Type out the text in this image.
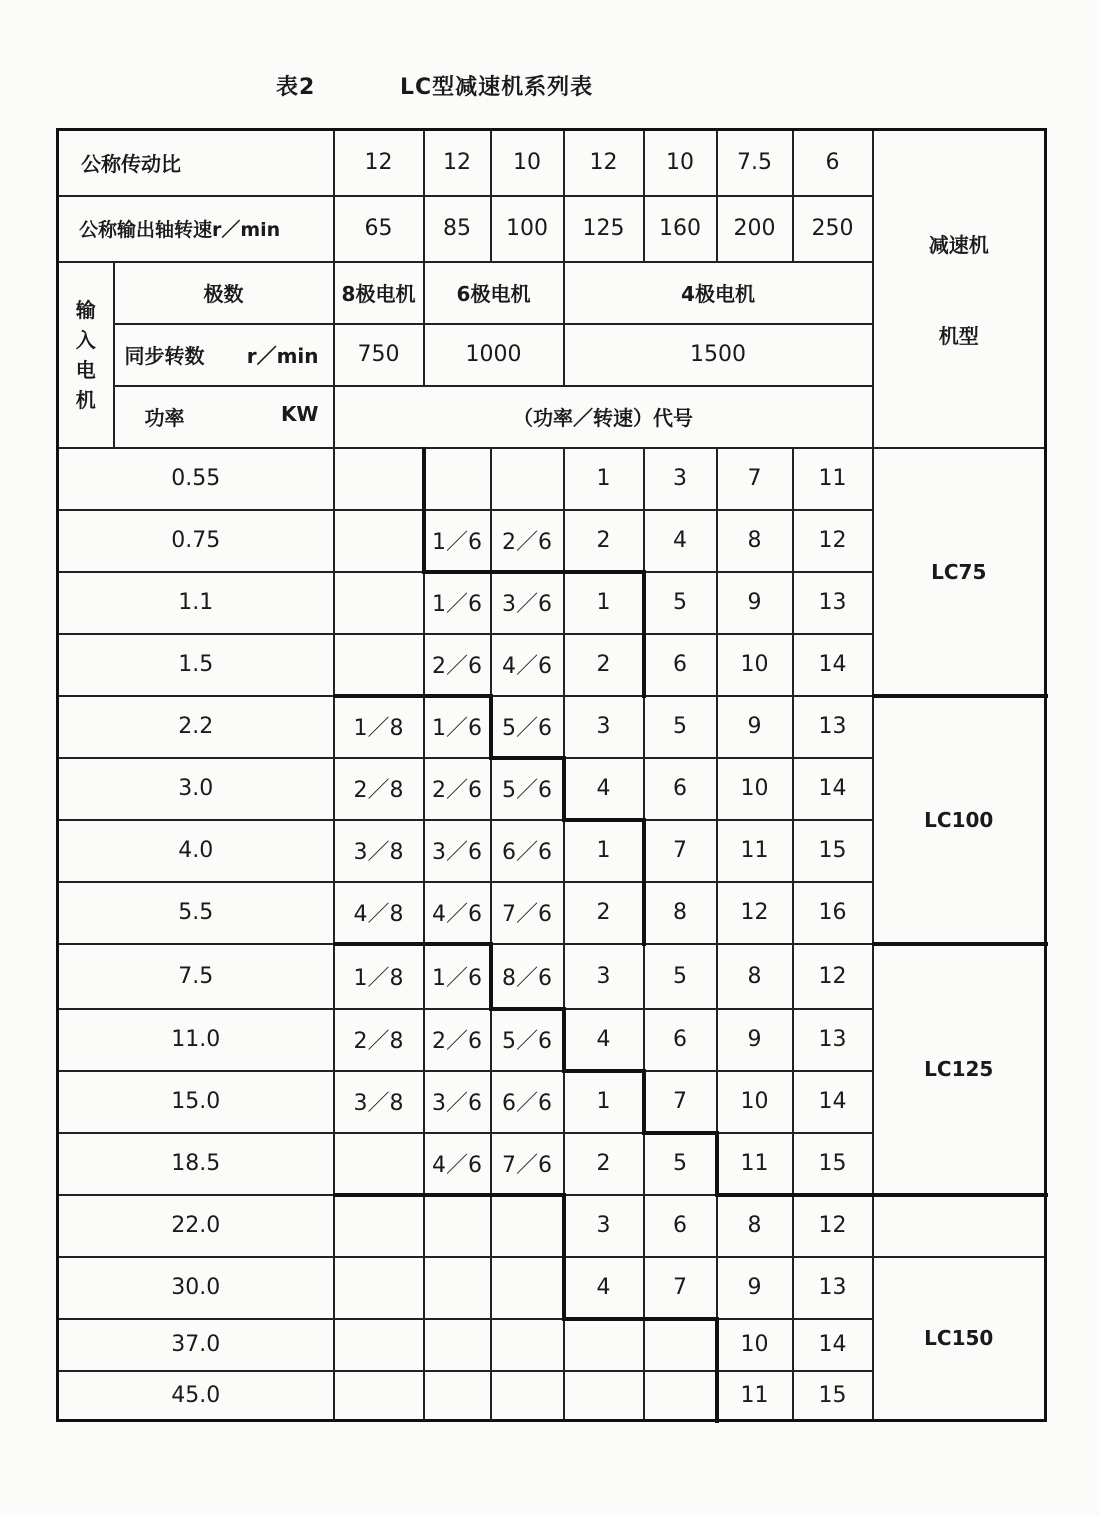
表2	LC型减速机系列表
公称传动比		12	12	10	12	10	7.5	6	减速机
机型

公称输出轴转速r／min		65	85	100	125	160	200	250	
输
入
电
机	极数	8极电机	6极电机		4极电机				

	同步转数 r／min	750	1000		1500				

	功率 KW	（功率／转速）代号							
0.55					1	3	7	11	LC75
0.75			1／6	2／6	2	4	8	12	
1.1			1／6	3／6	1	5	9	13	
1.5			2／6	4／6	2	6	10	14	
2.2		1／8	1／6	5／6	3	5	9	13	LC100
3.0		2／8	2／6	5／6	4	6	10	14	
4.0		3／8	3／6	6／6	1	7	11	15	
5.5		4／8	4／6	7／6	2	8	12	16	
7.5		1／8	1／6	8／6	3	5	8	12	LC125
11.0		2／8	2／6	5／6	4	6	9	13	
15.0		3／8	3／6	6／6	1	7	10	14	
18.5			4／6	7／6	2	5	11	15	
22.0					3	6	8	12	
30.0					4	7	9	13	LC150
37.0							10	14	
45.0							11	15	
